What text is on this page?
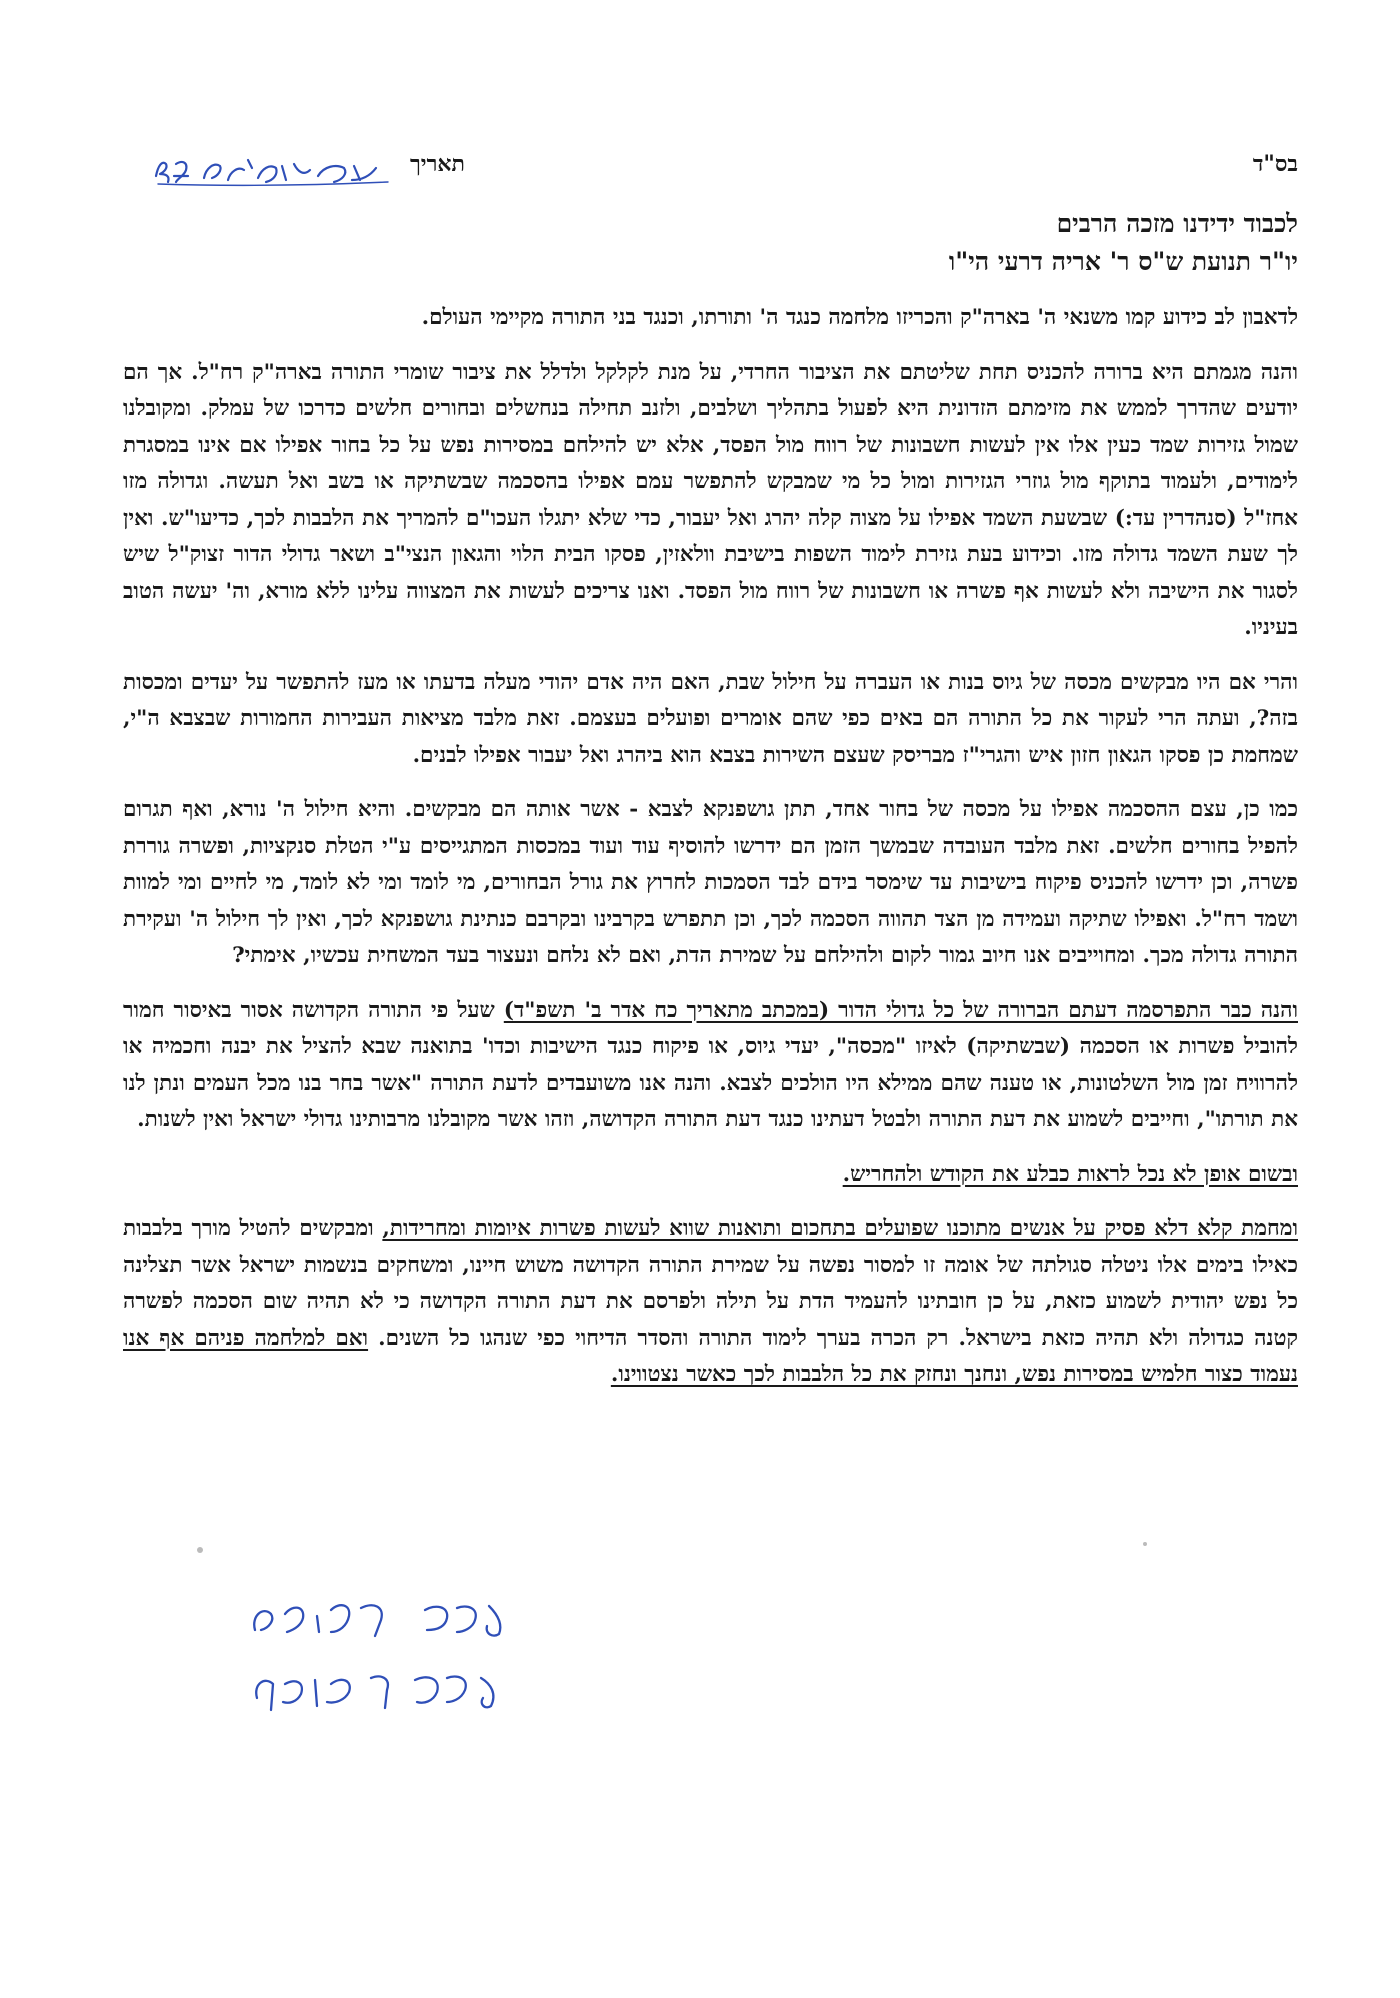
בס"ד
תאריך
לכבוד ידידנו מזכה הרבים
יו"ר תנועת ש"ס ר' אריה דרעי הי"ו

לדאבון לב כידוע קמו משנאי ה' בארה"ק והכריזו מלחמה כנגד ה' ותורתו, וכנגד בני התורה מקיימי העולם.

והנה מגמתם היא ברורה להכניס תחת שליטתם את הציבור החרדי, על מנת לקלקל ולדלל את ציבור שומרי התורה בארה"ק רח"ל. אך הם יודעים שהדרך לממש את מזימתם הזדונית היא לפעול בתהליך ושלבים, ולזנב תחילה בנחשלים ובחורים חלשים כדרכו של עמלק. ומקובלנו שמול גזירות שמד כעין אלו אין לעשות חשבונות של רווח מול הפסד, אלא יש להילחם במסירות נפש על כל בחור אפילו אם אינו במסגרת לימודים, ולעמוד בתוקף מול גוזרי הגזירות ומול כל מי שמבקש להתפשר עמם אפילו בהסכמה שבשתיקה או בשב ואל תעשה. וגדולה מזו אחז"ל (סנהדרין עד:) שבשעת השמד אפילו על מצוה קלה יהרג ואל יעבור, כדי שלא יתגלו העכו"ם להמריך את הלבבות לכך, כדיעו"ש. ואין לך שעת השמד גדולה מזו. וכידוע בעת גזירת לימוד השפות בישיבת וולאזין, פסקו הבית הלוי והגאון הנצי"ב ושאר גדולי הדור זצוק"ל שיש לסגור את הישיבה ולא לעשות אף פשרה או חשבונות של רווח מול הפסד. ואנו צריכים לעשות את המצווה עלינו ללא מורא, וה' יעשה הטוב בעיניו.

והרי אם היו מבקשים מכסה של גיוס בנות או העברה על חילול שבת, האם היה אדם יהודי מעלה בדעתו או מעז להתפשר על יעדים ומכסות בזה?, ועתה הרי לעקור את כל התורה הם באים כפי שהם אומרים ופועלים בעצמם. זאת מלבד מציאות העבירות החמורות שבצבא ה"י, שמחמת כן פסקו הגאון חזון איש והגרי"ז מבריסק שעצם השירות בצבא הוא ביהרג ואל יעבור אפילו לבנים.

כמו כן, עצם ההסכמה אפילו על מכסה של בחור אחד, תתן גושפנקא לצבא - אשר אותה הם מבקשים. והיא חילול ה' נורא, ואף תגרום להפיל בחורים חלשים. זאת מלבד העובדה שבמשך הזמן הם ידרשו להוסיף עוד ועוד במכסות המתגייסים ע"י הטלת סנקציות, ופשרה גוררת פשרה, וכן ידרשו להכניס פיקוח בישיבות עד שימסר בידם לבד הסמכות לחרוץ את גורל הבחורים, מי לומד ומי לא לומד, מי לחיים ומי למוות ושמד רח"ל. ואפילו שתיקה ועמידה מן הצד תהווה הסכמה לכך, וכן תתפרש בקרבינו ובקרבם כנתינת גושפנקא לכך, ואין לך חילול ה' ועקירת התורה גדולה מכך. ומחוייבים אנו חיוב גמור לקום ולהילחם על שמירת הדת, ואם לא נלחם ונעצור בעד המשחית עכשיו, אימתי?

והנה כבר התפרסמה דעתם הברורה של כל גדולי הדור (במכתב מתאריך כח אדר ב' תשפ"ד) שעל פי התורה הקדושה אסור באיסור חמור להוביל פשרות או הסכמה (שבשתיקה) לאיזו "מכסה", יעדי גיוס, או פיקוח כנגד הישיבות וכדו' בתואנה שבא להציל את יבנה וחכמיה או להרוויח זמן מול השלטונות, או טענה שהם ממילא היו הולכים לצבא. והנה אנו משועבדים לדעת התורה "אשר בחר בנו מכל העמים ונתן לנו את תורתו", וחייבים לשמוע את דעת התורה ולבטל דעתינו כנגד דעת התורה הקדושה, וזהו אשר מקובלנו מרבותינו גדולי ישראל ואין לשנות.

ובשום אופן לא נכל לראות כבלע את הקודש ולהחריש.

ומחמת קלא דלא פסיק על אנשים מתוכנו שפועלים בתחכום ותואנות שווא לעשות פשרות איומות ומחרידות, ומבקשים להטיל מורך בלבבות כאילו בימים אלו ניטלה סגולתה של אומה זו למסור נפשה על שמירת התורה הקדושה משוש חיינו, ומשחקים בנשמות ישראל אשר תצלינה כל נפש יהודית לשמוע כזאת, על כן חובתינו להעמיד הדת על תילה ולפרסם את דעת התורה הקדושה כי לא תהיה שום הסכמה לפשרה קטנה כגדולה ולא תהיה כזאת בישראל. רק הכרה בערך לימוד התורה והסדר הדיחוי כפי שנהגו כל השנים. ואם למלחמה פניהם אף אנו נעמוד כצור חלמיש במסירות נפש, ונחנך ונחזק את כל הלבבות לכך כאשר נצטווינו.
